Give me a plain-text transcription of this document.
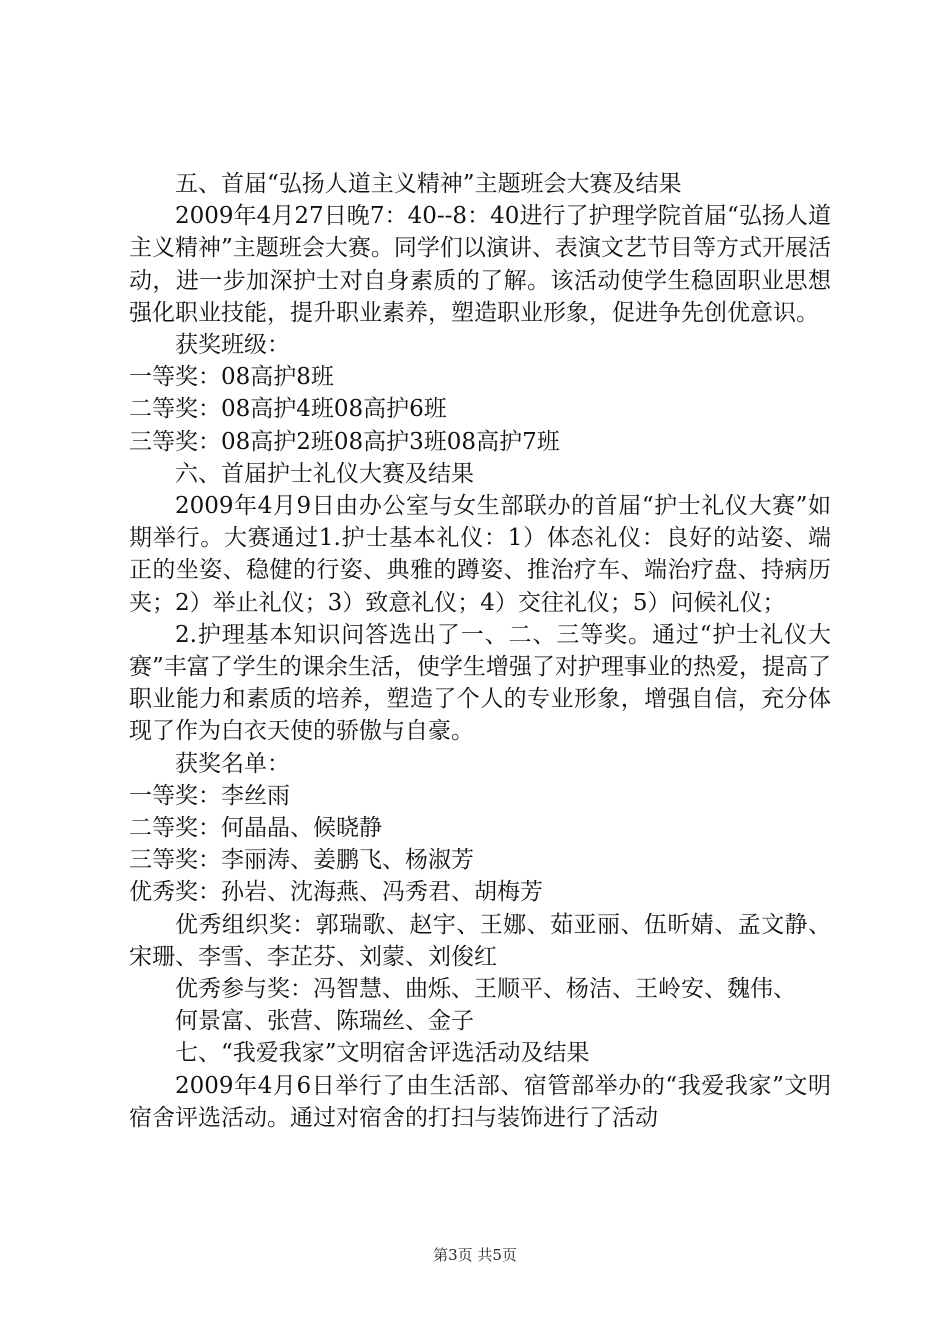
五、首届“弘扬人道主义精神”主题班会大赛及结果

2009年4月27日晚7：40--8：40进行了护理学院首届“弘扬人道主义精神”主题班会大赛。同学们以演讲、表演文艺节目等方式开展活动，进一步加深护士对自身素质的了解。该活动使学生稳固职业思想强化职业技能，提升职业素养，塑造职业形象，促进争先创优意识。

获奖班级：

一等奖：08高护8班

二等奖：08高护4班08高护6班

三等奖：08高护2班08高护3班08高护7班

六、首届护士礼仪大赛及结果

2009年4月9日由办公室与女生部联办的首届“护士礼仪大赛”如期举行。大赛通过1.护士基本礼仪：1）体态礼仪：良好的站姿、端正的坐姿、稳健的行姿、典雅的蹲姿、推治疗车、端治疗盘、持病历夹；2）举止礼仪；3）致意礼仪；4）交往礼仪；5）问候礼仪；

2.护理基本知识问答选出了一、二、三等奖。通过“护士礼仪大赛”丰富了学生的课余生活，使学生增强了对护理事业的热爱，提高了职业能力和素质的培养，塑造了个人的专业形象，增强自信，充分体现了作为白衣天使的骄傲与自豪。

获奖名单：

一等奖：李丝雨

二等奖：何晶晶、候晓静

三等奖：李丽涛、姜鹏飞、杨淑芳

优秀奖：孙岩、沈海燕、冯秀君、胡梅芳

优秀组织奖：郭瑞歌、赵宇、王娜、茹亚丽、伍昕婧、孟文静、宋珊、李雪、李芷芬、刘蒙、刘俊红

优秀参与奖：冯智慧、曲烁、王顺平、杨洁、王岭安、魏伟、

何景富、张营、陈瑞丝、金子

七、“我爱我家”文明宿舍评选活动及结果

2009年4月6日举行了由生活部、宿管部举办的“我爱我家”文明宿舍评选活动。通过对宿舍的打扫与装饰进行了活动

第3页 共5页
